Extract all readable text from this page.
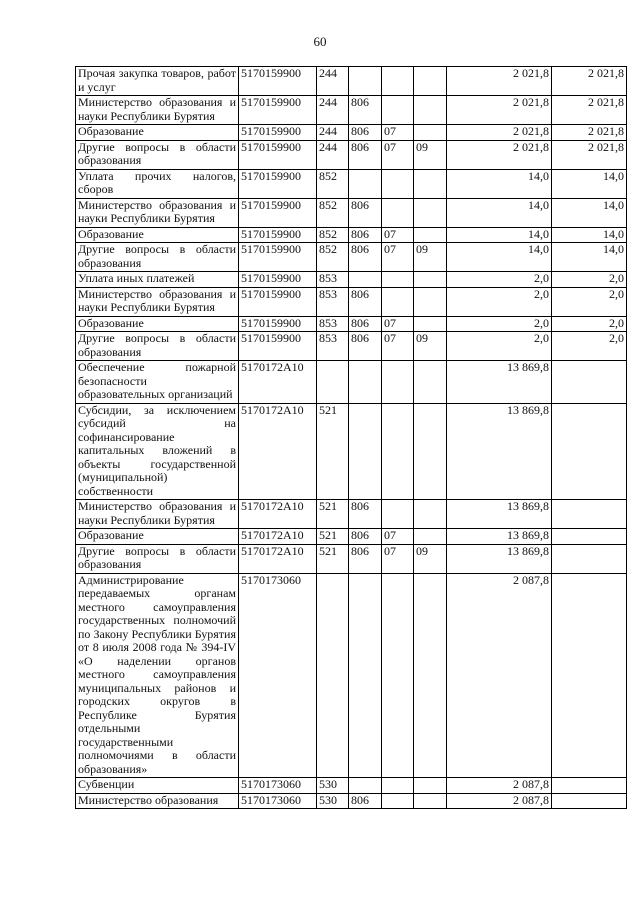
60
Прочая закупка товаров, работ и услуг	5170159900	244				2 021,8	2 021,8
Министерство образования и науки Республики Бурятия	5170159900	244	806			2 021,8	2 021,8
Образование	5170159900	244	806	07		2 021,8	2 021,8
Другие вопросы в области образования	5170159900	244	806	07	09	2 021,8	2 021,8
Уплата прочих налогов, сборов	5170159900	852				14,0	14,0
Министерство образования и науки Республики Бурятия	5170159900	852	806			14,0	14,0
Образование	5170159900	852	806	07		14,0	14,0
Другие вопросы в области образования	5170159900	852	806	07	09	14,0	14,0
Уплата иных платежей	5170159900	853				2,0	2,0
Министерство образования и науки Республики Бурятия	5170159900	853	806			2,0	2,0
Образование	5170159900	853	806	07		2,0	2,0
Другие вопросы в области образования	5170159900	853	806	07	09	2,0	2,0
Обеспечение пожарной безопасности образовательных организаций	5170172A10					13 869,8	
Субсидии, за исключением субсидий на софинансирование капитальных вложений в объекты государственной (муниципальной) собственности	5170172A10	521				13 869,8	
Министерство образования и науки Республики Бурятия	5170172A10	521	806			13 869,8	
Образование	5170172A10	521	806	07		13 869,8	
Другие вопросы в области образования	5170172A10	521	806	07	09	13 869,8	
Администрирование передаваемых органам местного самоуправления государственных полномочий по Закону Республики Бурятия от 8 июля 2008 года № 394-IV «О наделении органов местного самоуправления муниципальных районов и городских округов в Республике Бурятия отдельными государственными полномочиями в области образования»	5170173060					2 087,8	
Субвенции	5170173060	530				2 087,8	
Министерство образования	5170173060	530	806			2 087,8	
